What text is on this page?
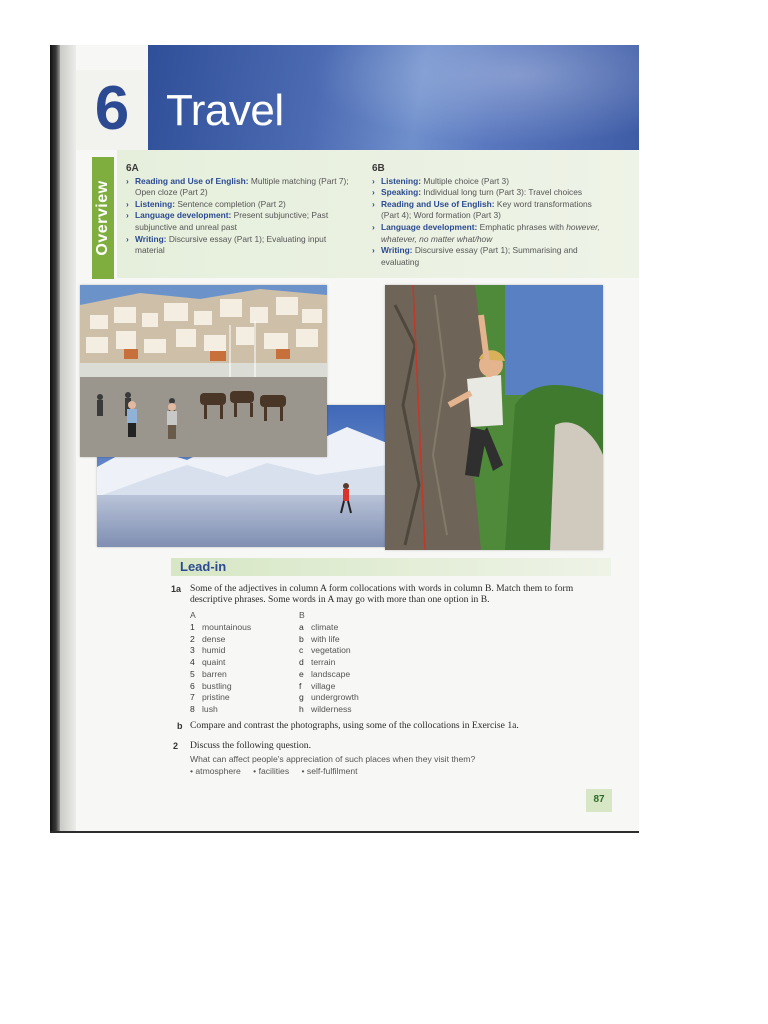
6 Travel
Overview
6A
› Reading and Use of English: Multiple matching (Part 7); Open cloze (Part 2)
› Listening: Sentence completion (Part 2)
› Language development: Present subjunctive; Past subjunctive and unreal past
› Writing: Discursive essay (Part 1); Evaluating input material
6B
› Listening: Multiple choice (Part 3)
› Speaking: Individual long turn (Part 3): Travel choices
› Reading and Use of English: Key word transformations (Part 4); Word formation (Part 3)
› Language development: Emphatic phrases with however, whatever, no matter what/how
› Writing: Discursive essay (Part 1); Summarising and evaluating
Lead-in
1a Some of the adjectives in column A form collocations with words in column B. Match them to form descriptive phrases. Some words in A may go with more than one option in B.
A	B
1 mountainous
2 dense
3 humid
4 quaint
5 barren
6 bustling
7 pristine
8 lush
a climate
b with life
c vegetation
d terrain
e landscape
f village
g undergrowth
h wilderness
b Compare and contrast the photographs, using some of the collocations in Exercise 1a.
2 Discuss the following question.
What can affect people's appreciation of such places when they visit them?
• atmosphere • facilities • self-fulfilment
87
